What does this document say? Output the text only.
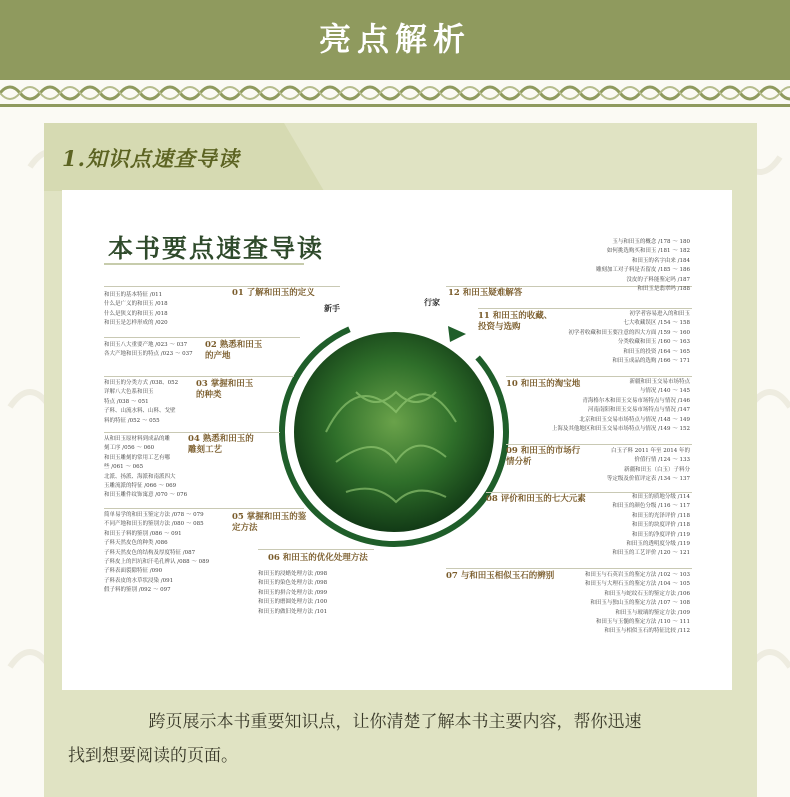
亮点解析
1.知识点速查导读
本书要点速查导读
新手
行家
01 了解和田玉的定义
和田玉的基本特征 /011
什么是广义的和田玉 /018
什么是狭义的和田玉 /018
和田玉是怎样形成的 /020
02 熟悉和田玉的产地
和田玉八大重要产地 /023 ～ 037
各大产地和田玉的特点 /023 ～ 037
03 掌握和田玉的种类
和田玉的分类方式 /038、052
详解八大色系和田玉
特点 /038 ～ 051
子料、山流水料、山料、戈壁
料的特征 /052 ～ 055
04 熟悉和田玉的雕刻工艺
从和田玉原材料到成品的雕
刻工序 /056 ～ 060
和田玉雕刻的常用工艺有哪
些 /061 ～ 065
北派、扬派、海派和南派四大
玉雕流派的特征 /066 ～ 069
和田玉雕件纹饰寓意 /070 ～ 076
05 掌握和田玉的鉴定方法
简单易学的和田玉鉴定方法 /078 ～ 079
不同产地和田玉的鉴别方法 /080 ～ 085
和田玉子料的鉴别 /086 ～ 091
子料天然皮色的种类 /086
子料天然皮色的结构及厚度特征 /087
子料皮上的凹坑和汗毛孔辨认 /088 ～ 089
子料表面裂隙特征 /090
子料表皮的水草状浸染 /091
假子料的鉴别 /092 ～ 097
06 和田玉的优化处理方法
和田玉的浸蜡处理方法 /098
和田玉的染色处理方法 /098
和田玉的拼合处理方法 /099
和田玉的磨圆处理方法 /100
和田玉的做旧处理方法 /101
12 和田玉疑难解答
玉与和田玉的概念 /178 ～ 180
如何挑选购买和田玉 /181 ～ 182
和田玉的名字由来 /184
雕刻加工对子料是否留皮 /185 ～ 186
没皮的子料能鉴定吗 /187
和田玉是翡翠吗 /188
11 和田玉的收藏、投资与选购
初学者容易进入的和田玉
七大收藏误区 /154 ～ 158
初学者收藏和田玉要注意的四大方面 /159 ～ 160
分类收藏和田玉 /160 ～ 163
和田玉的投资 /164 ～ 165
和田玉成品的选购 /166 ～ 171
10 和田玉的淘宝地	新疆和田玉交易市场特点
与情况 /140 ～ 145
青海格尔木和田玉交易市场特点与情况 /146
河南南阳和田玉交易市场特点与情况 /147
北京和田玉交易市场特点与情况 /148 ～ 149
上海及其他地区和田玉交易市场特点与情况 /149 ～ 152
09 和田玉的市场行情分析
白玉子料 2011 年至 2014 年的
价值行情 /124 ～ 133
新疆和田玉（白玉）子料分
等定级及价值评定表 /134 ～ 137
08 评价和田玉的七大元素	和田玉的质地分级 /114
和田玉的颜色分级 /116 ～ 117
和田玉的光泽评价 /118
和田玉的块度评价 /118
和田玉的净度评价 /119
和田玉的透明度分级 /119
和田玉的工艺评价 /120 ～ 121
07 与和田玉相似玉石的辨别	和田玉与石英岩玉的鉴定方法 /102 ～ 103
和田玉与大理石玉的鉴定方法 /104 ～ 105
和田玉与蛇纹石玉的鉴定方法 /106
和田玉与独山玉的鉴定方法 /107 ～ 108
和田玉与玻璃的鉴定方法 /109
和田玉与玉髓的鉴定方法 /110 ～ 111
和田玉与相似玉石的特征比较 /112
跨页展示本书重要知识点，让你清楚了解本书主要内容，帮你迅速
找到想要阅读的页面。
